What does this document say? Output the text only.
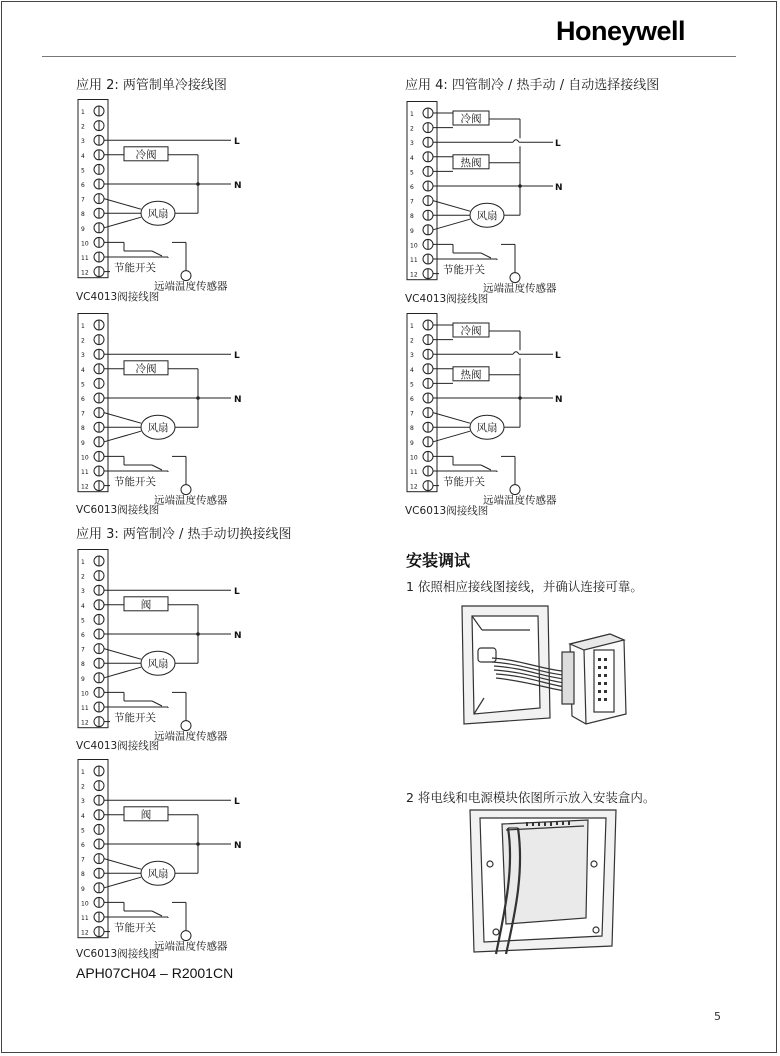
Honeywell
应用 2: 两管制单冷接线图
VC4013阀接线图
VC6013阀接线图
应用 3: 两管制冷 / 热手动切换接线图
VC4013阀接线图
VC6013阀接线图
应用 4: 四管制冷 / 热手动 / 自动选择接线图
VC4013阀接线图
VC6013阀接线图
1
2
3
4
5
6
7
8
9
10
11
12
L
N
冷阀
风扇
节能开关
远端温度传感器
1
2
3
4
5
6
7
8
9
10
11
12
L
N
冷阀
风扇
节能开关
远端温度传感器
1
2
3
4
5
6
7
8
9
10
11
12
L
N
阀
风扇
节能开关
远端温度传感器
1
2
3
4
5
6
7
8
9
10
11
12
L
N
阀
风扇
节能开关
远端温度传感器
1
2
3
4
5
6
7
8
9
10
11
12
L
N
冷阀
热阀
风扇
节能开关
远端温度传感器
1
2
3
4
5
6
7
8
9
10
11
12
L
N
冷阀
热阀
风扇
节能开关
远端温度传感器
安装调试
1 依照相应接线图接线，并确认连接可靠。
2 将电线和电源模块依图所示放入安装盒内。
APH07CH04 – R2001CN
5
